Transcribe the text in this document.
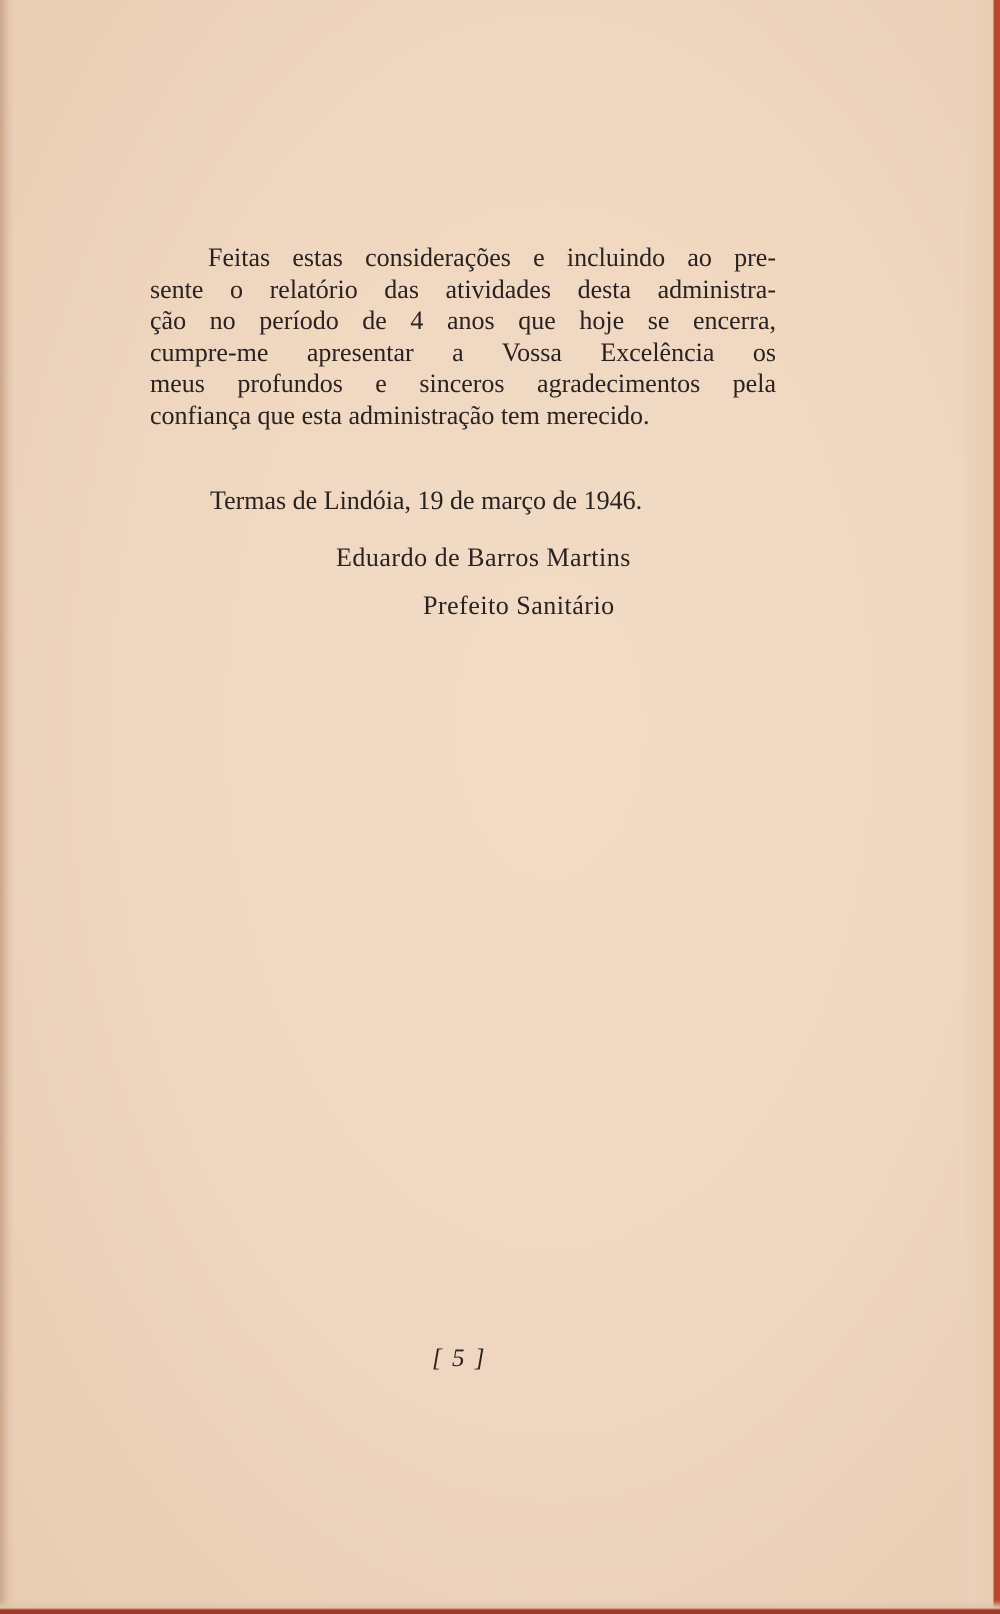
Feitas estas considerações e incluindo ao pre-
sente o relatório das atividades desta administra-
ção no período de 4 anos que hoje se encerra,
cumpre-me apresentar a Vossa Excelência os
meus profundos e sinceros agradecimentos pela
confiança que esta administração tem merecido.
Termas de Lindóia, 19 de março de 1946.
Eduardo de Barros Martins
Prefeito Sanitário
[ 5 ]
